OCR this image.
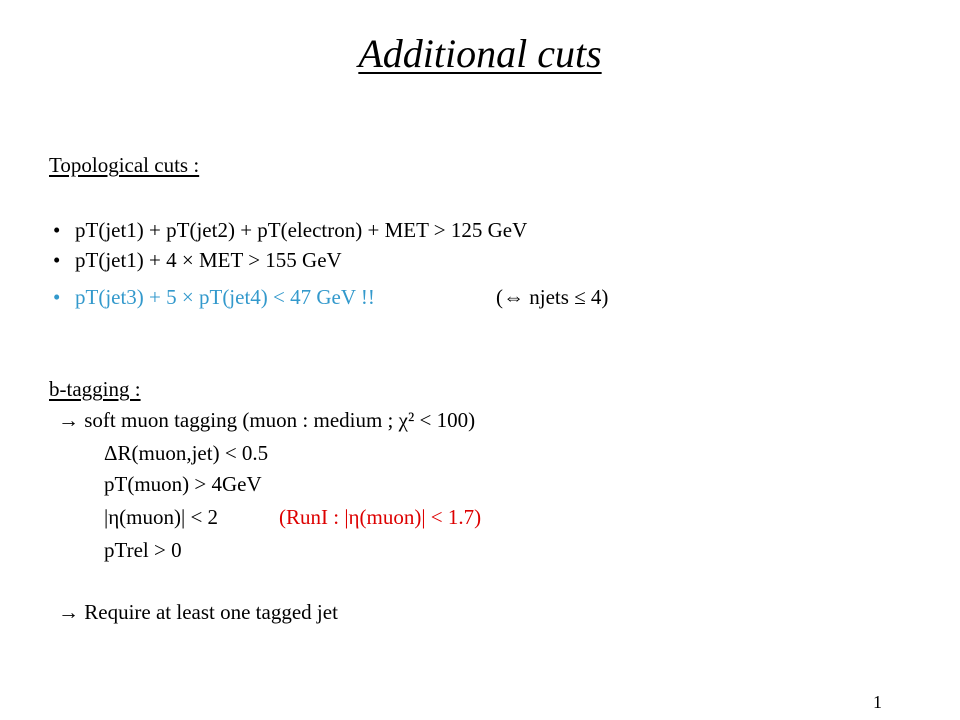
Additional cuts
Topological cuts :
• pT(jet1) + pT(jet2) + pT(electron) + MET > 125 GeV
• pT(jet1) + 4 × MET > 155 GeV
• pT(jet3) + 5 × pT(jet4) < 47 GeV !!	(⇔ njets ≤ 4)
b-tagging :
→ soft muon tagging (muon : medium ; χ² < 100)
ΔR(muon,jet) < 0.5
pT(muon) > 4GeV
|η(muon)| < 2	(RunI : |η(muon)| < 1.7)
pTrel > 0
→ Require at least one tagged jet
1
